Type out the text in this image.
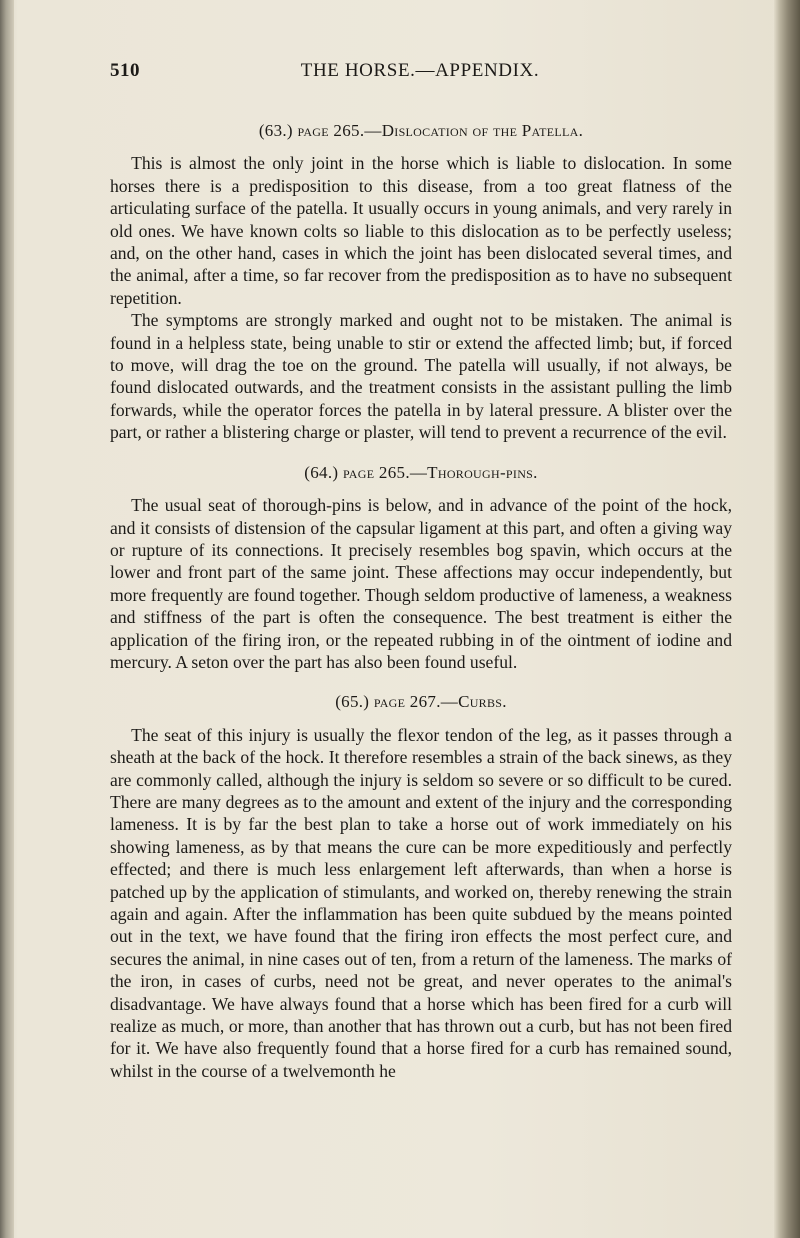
510	THE HORSE.—APPENDIX.
(63.) page 265.—Dislocation of the Patella.

This is almost the only joint in the horse which is liable to dislocation. In some horses there is a predisposition to this disease, from a too great flatness of the articulating surface of the patella. It usually occurs in young animals, and very rarely in old ones. We have known colts so liable to this dislocation as to be perfectly useless; and, on the other hand, cases in which the joint has been dislocated several times, and the animal, after a time, so far recover from the predisposition as to have no subsequent repetition.

The symptoms are strongly marked and ought not to be mistaken. The animal is found in a helpless state, being unable to stir or extend the affected limb; but, if forced to move, will drag the toe on the ground. The patella will usually, if not always, be found dislocated outwards, and the treatment consists in the assistant pulling the limb forwards, while the operator forces the patella in by lateral pressure. A blister over the part, or rather a blistering charge or plaster, will tend to prevent a recurrence of the evil.

(64.) page 265.—Thorough-pins.

The usual seat of thorough-pins is below, and in advance of the point of the hock, and it consists of distension of the capsular ligament at this part, and often a giving way or rupture of its connections. It precisely resembles bog spavin, which occurs at the lower and front part of the same joint. These affections may occur independently, but more frequently are found together. Though seldom productive of lameness, a weakness and stiffness of the part is often the consequence. The best treatment is either the application of the firing iron, or the repeated rubbing in of the ointment of iodine and mercury. A seton over the part has also been found useful.

(65.) page 267.—Curbs.

The seat of this injury is usually the flexor tendon of the leg, as it passes through a sheath at the back of the hock. It therefore resembles a strain of the back sinews, as they are commonly called, although the injury is seldom so severe or so difficult to be cured. There are many degrees as to the amount and extent of the injury and the corresponding lameness. It is by far the best plan to take a horse out of work immediately on his showing lameness, as by that means the cure can be more expeditiously and perfectly effected; and there is much less enlargement left afterwards, than when a horse is patched up by the application of stimulants, and worked on, thereby renewing the strain again and again. After the inflammation has been quite subdued by the means pointed out in the text, we have found that the firing iron effects the most perfect cure, and secures the animal, in nine cases out of ten, from a return of the lameness. The marks of the iron, in cases of curbs, need not be great, and never operates to the animal's disadvantage. We have always found that a horse which has been fired for a curb will realize as much, or more, than another that has thrown out a curb, but has not been fired for it. We have also frequently found that a horse fired for a curb has remained sound, whilst in the course of a twelvemonth he
